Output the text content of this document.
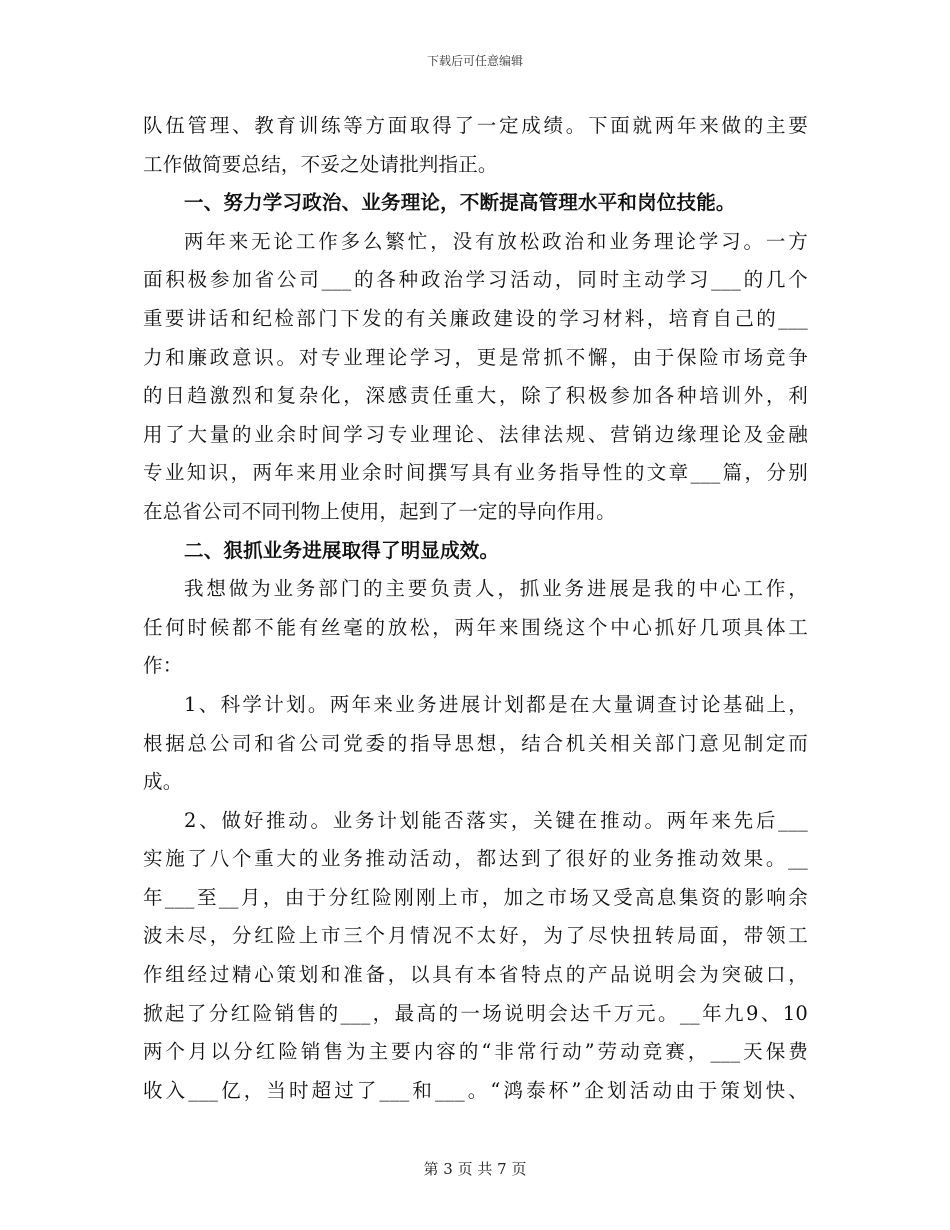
下载后可任意编辑
队伍管理、教育训练等方面取得了一定成绩。下面就两年来做的主要
工作做简要总结，不妥之处请批判指正。
一、努力学习政治、业务理论，不断提高管理水平和岗位技能。
两年来无论工作多么繁忙，没有放松政治和业务理论学习。一方
面积极参加省公司___的各种政治学习活动，同时主动学习___的几个
重要讲话和纪检部门下发的有关廉政建设的学习材料，培育自己的___
力和廉政意识。对专业理论学习，更是常抓不懈，由于保险市场竞争
的日趋激烈和复杂化，深感责任重大，除了积极参加各种培训外，利
用了大量的业余时间学习专业理论、法律法规、营销边缘理论及金融
专业知识，两年来用业余时间撰写具有业务指导性的文章___篇，分别
在总省公司不同刊物上使用，起到了一定的导向作用。
二、狠抓业务进展取得了明显成效。
我想做为业务部门的主要负责人，抓业务进展是我的中心工作，
任何时候都不能有丝毫的放松，两年来围绕这个中心抓好几项具体工
作：
1、科学计划。两年来业务进展计划都是在大量调查讨论基础上，
根据总公司和省公司党委的指导思想，结合机关相关部门意见制定而
成。
2、做好推动。业务计划能否落实，关键在推动。两年来先后___
实施了八个重大的业务推动活动，都达到了很好的业务推动效果。__
年___至__月，由于分红险刚刚上市，加之市场又受高息集资的影响余
波未尽，分红险上市三个月情况不太好，为了尽快扭转局面，带领工
作组经过精心策划和准备，以具有本省特点的产品说明会为突破口，
掀起了分红险销售的___，最高的一场说明会达千万元。__年九9、10
两个月以分红险销售为主要内容的“非常行动”劳动竞赛，___天保费
收入___亿，当时超过了___和___。“鸿泰杯”企划活动由于策划快、
第 3 页 共 7 页
